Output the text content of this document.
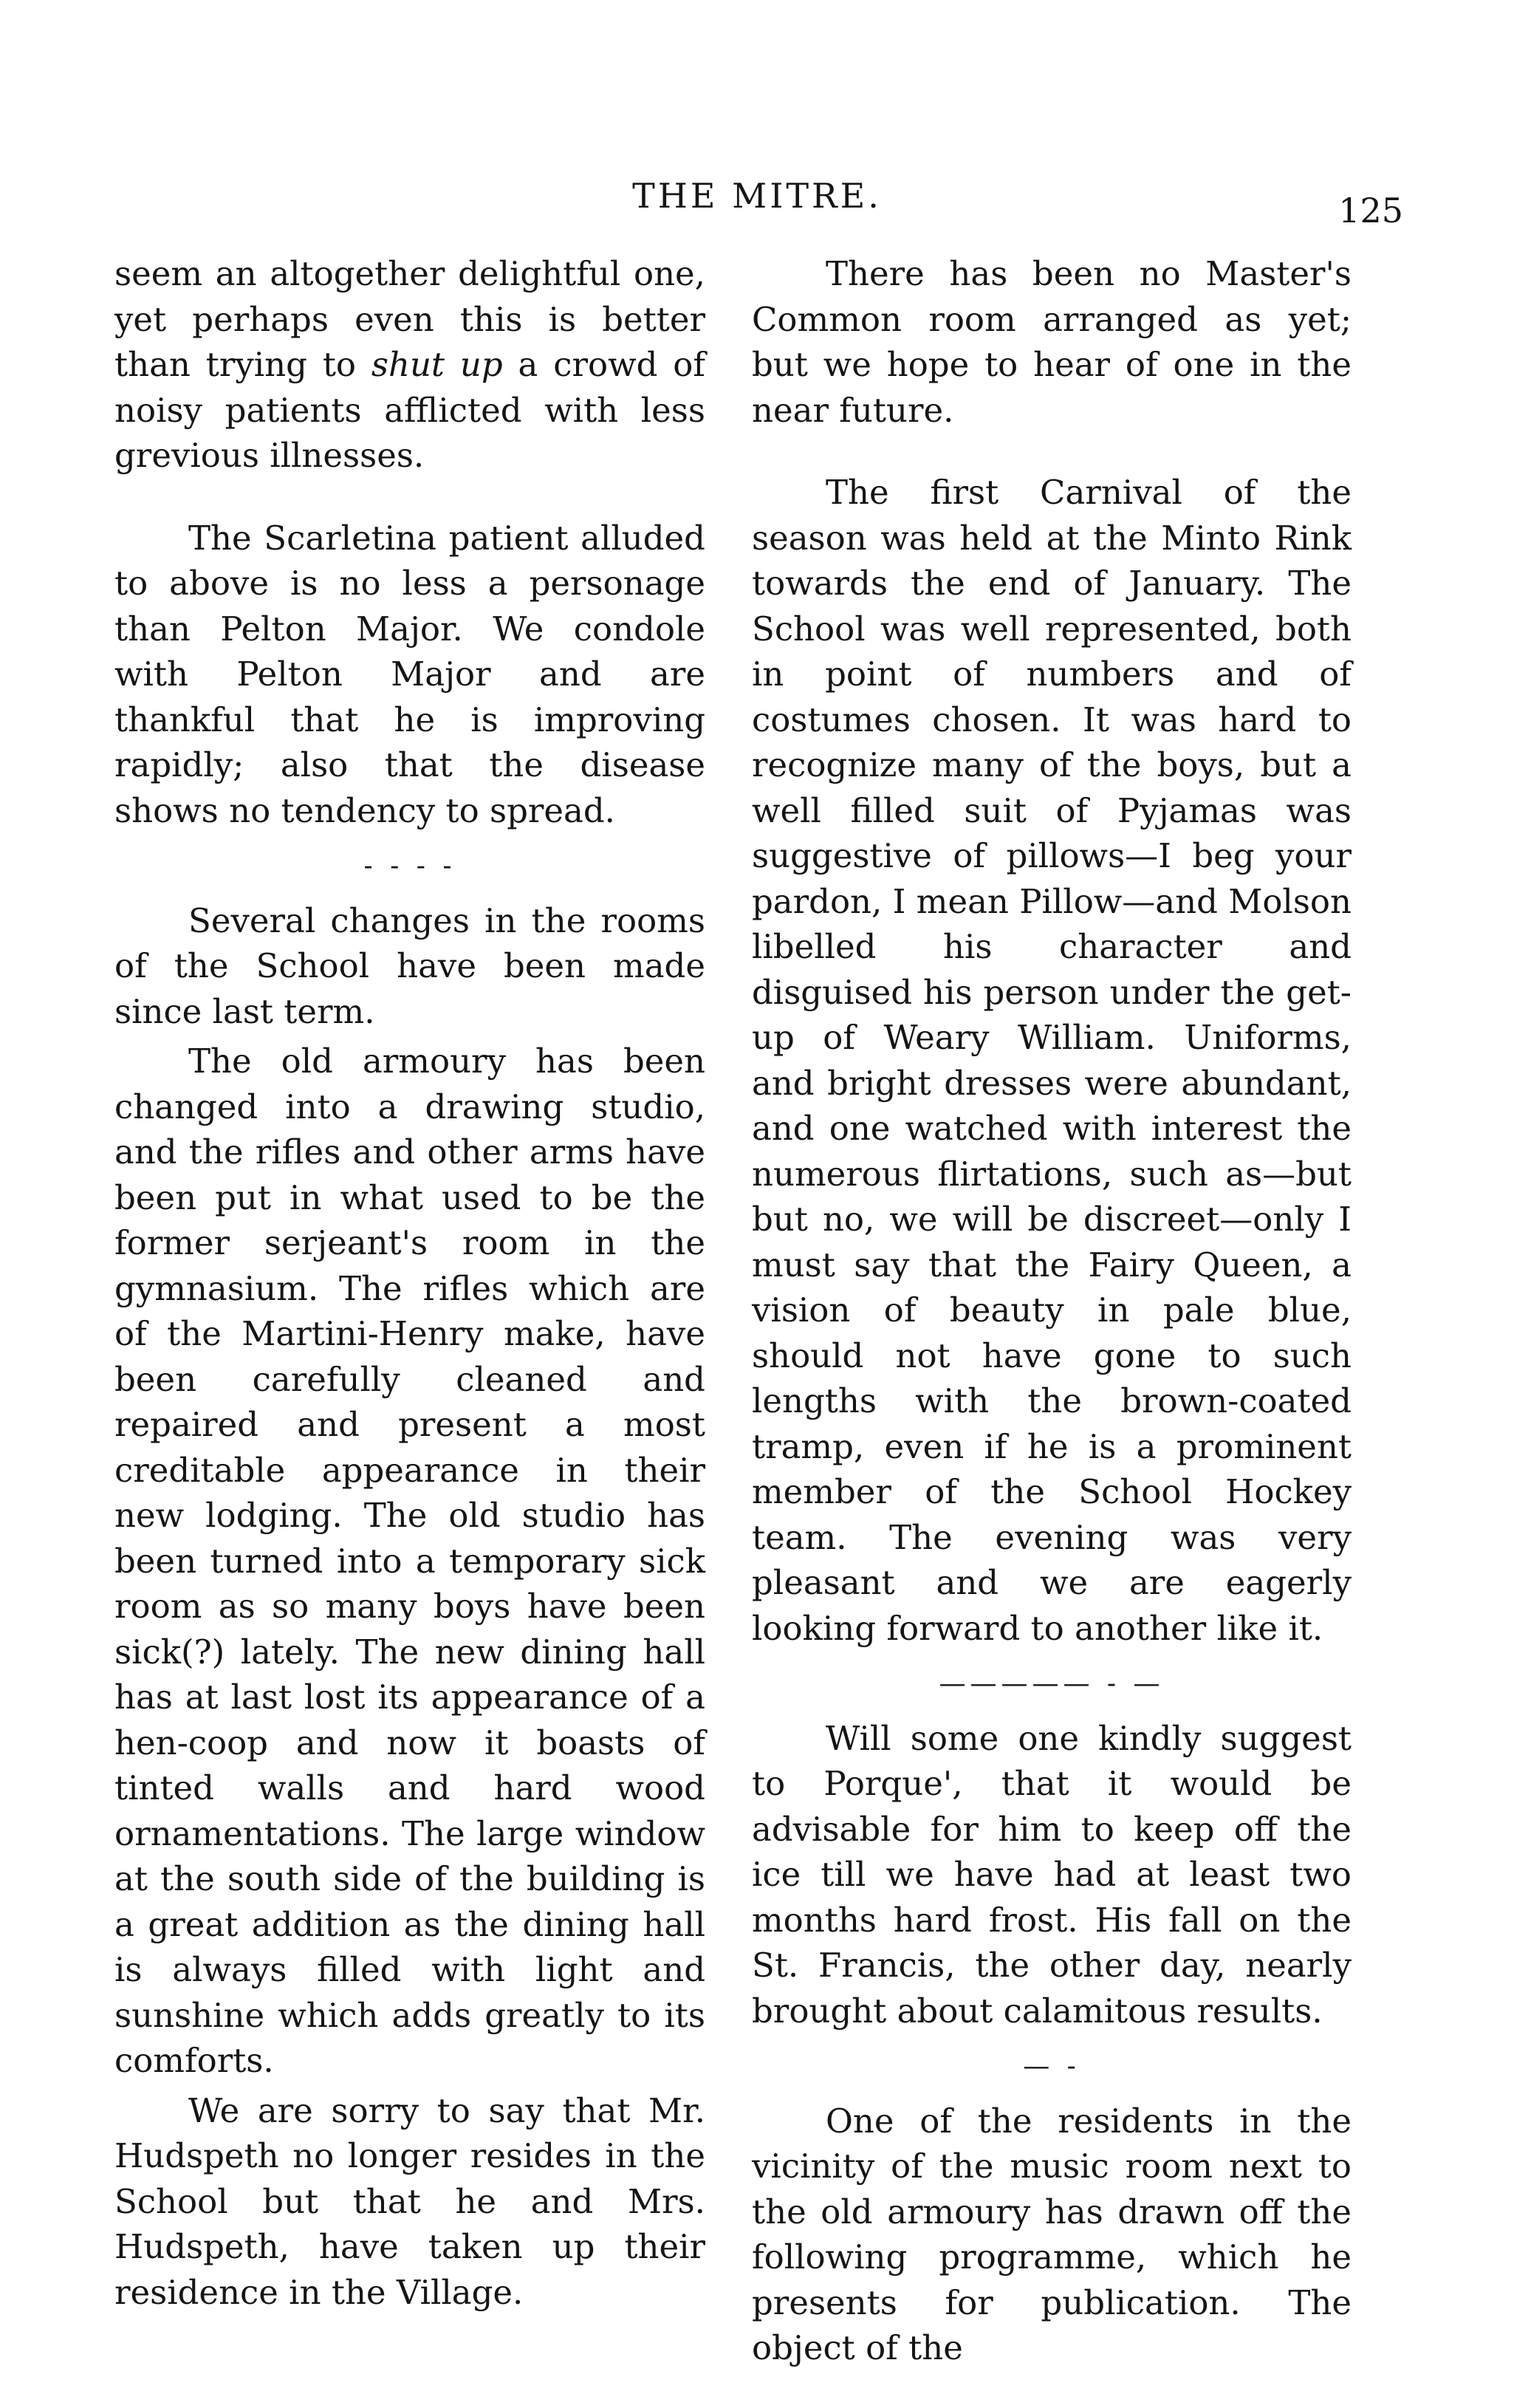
THE MITRE.	125

seem an altogether delightful one, yet perhaps even this is better than trying to shut up a crowd of noisy patients afflicted with less grevious illnesses.

The Scarletina patient alluded to above is no less a personage than Pelton Major. We condole with Pelton Major and are thankful that he is improving rapidly; also that the disease shows no tendency to spread.

- - - -

Several changes in the rooms of the School have been made since last term.

The old armoury has been changed into a drawing studio, and the rifles and other arms have been put in what used to be the former serjeant's room in the gymnasium. The rifles which are of the Martini-Henry make, have been carefully cleaned and repaired and present a most creditable appearance in their new lodging. The old studio has been turned into a temporary sick room as so many boys have been sick(?) lately. The new dining hall has at last lost its appearance of a hen-coop and now it boasts of tinted walls and hard wood ornamentations. The large window at the south side of the building is a great addition as the dining hall is always filled with light and sunshine which adds greatly to its comforts.

We are sorry to say that Mr. Hudspeth no longer resides in the School but that he and Mrs. Hudspeth, have taken up their residence in the Village.

There has been no Master's Common room arranged as yet; but we hope to hear of one in the near future.

The first Carnival of the season was held at the Minto Rink towards the end of January. The School was well represented, both in point of numbers and of costumes chosen. It was hard to recognize many of the boys, but a well filled suit of Pyjamas was suggestive of pillows—I beg your pardon, I mean Pillow—and Molson libelled his character and disguised his person under the get-up of Weary William. Uniforms, and bright dresses were abundant, and one watched with interest the numerous flirtations, such as—but but no, we will be discreet—only I must say that the Fairy Queen, a vision of beauty in pale blue, should not have gone to such lengths with the brown-coated tramp, even if he is a prominent member of the School Hockey team. The evening was very pleasant and we are eagerly looking forward to another like it.

————— - —

Will some one kindly suggest to Porque', that it would be advisable for him to keep off the ice till we have had at least two months hard frost. His fall on the St. Francis, the other day, nearly brought about calamitous results.

— -

One of the residents in the vicinity of the music room next to the old armoury has drawn off the following programme, which he presents for publication. The object of the
